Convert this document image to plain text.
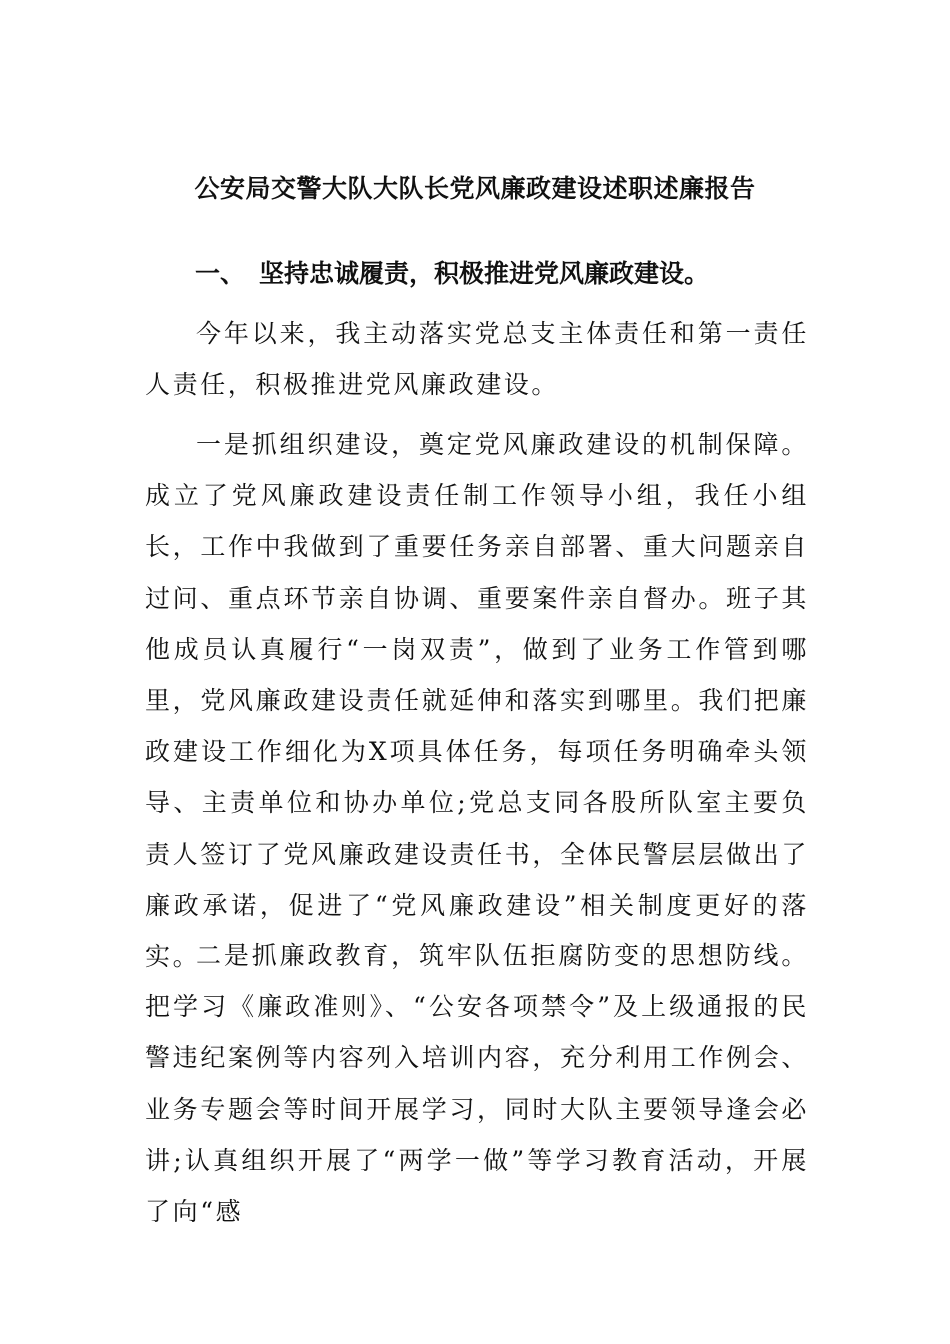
公安局交警大队大队长党风廉政建设述职述廉报告
一、 坚持忠诚履责，积极推进党风廉政建设。

今年以来，我主动落实党总支主体责任和第一责任人责任，积极推进党风廉政建设。

一是抓组织建设，奠定党风廉政建设的机制保障。成立了党风廉政建设责任制工作领导小组，我任小组长，工作中我做到了重要任务亲自部署、重大问题亲自过问、重点环节亲自协调、重要案件亲自督办。班子其他成员认真履行“一岗双责”，做到了业务工作管到哪里，党风廉政建设责任就延伸和落实到哪里。我们把廉政建设工作细化为X项具体任务，每项任务明确牵头领导、主责单位和协办单位;党总支同各股所队室主要负责人签订了党风廉政建设责任书，全体民警层层做出了廉政承诺，促进了“党风廉政建设”相关制度更好的落实。

二是抓廉政教育，筑牢队伍拒腐防变的思想防线。把学习《廉政准则》、“公安各项禁令”及上级通报的民警违纪案例等内容列入培训内容，充分利用工作例会、业务专题会等时间开展学习，同时大队主要领导逢会必讲;认真组织开展了“两学一做”等学习教育活动，开展了向“感
